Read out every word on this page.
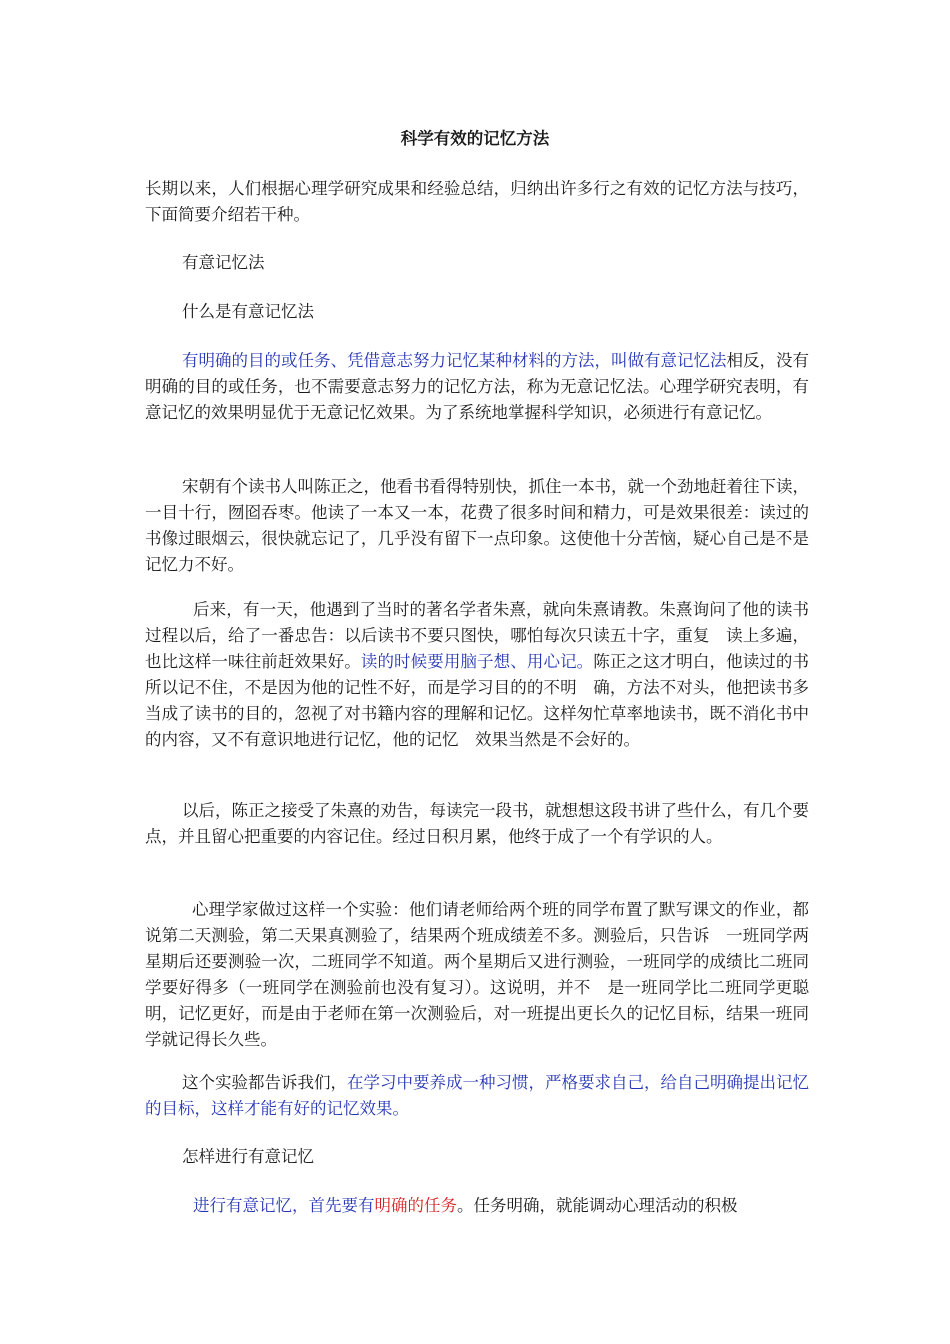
科学有效的记忆方法
长期以来，人们根据心理学研究成果和经验总结，归纳出许多行之有效的记忆方法与技巧，下面简要介绍若干种。
有意记忆法
什么是有意记忆法
有明确的目的或任务、凭借意志努力记忆某种材料的方法，叫做有意记忆法相反，没有明确的目的或任务，也不需要意志努力的记忆方法，称为无意记忆法。心理学研究表明，有意记忆的效果明显优于无意记忆效果。为了系统地掌握科学知识，必须进行有意记忆。
宋朝有个读书人叫陈正之，他看书看得特别快，抓住一本书，就一个劲地赶着往下读，一目十行，囫囵吞枣。他读了一本又一本，花费了很多时间和精力，可是效果很差：读过的书像过眼烟云，很快就忘记了，几乎没有留下一点印象。这使他十分苦恼，疑心自己是不是记忆力不好。
后来，有一天，他遇到了当时的著名学者朱熹，就向朱熹请教。朱熹询问了他的读书过程以后，给了一番忠告：以后读书不要只图快，哪怕每次只读五十字，重复　读上多遍，也比这样一味往前赶效果好。读的时候要用脑子想、用心记。陈正之这才明白，他读过的书所以记不住，不是因为他的记性不好，而是学习目的的不明　确，方法不对头，他把读书多当成了读书的目的，忽视了对书籍内容的理解和记忆。这样匆忙草率地读书，既不消化书中的内容，又不有意识地进行记忆，他的记忆　效果当然是不会好的。
以后，陈正之接受了朱熹的劝告，每读完一段书，就想想这段书讲了些什么，有几个要点，并且留心把重要的内容记住。经过日积月累，他终于成了一个有学识的人。
心理学家做过这样一个实验：他们请老师给两个班的同学布置了默写课文的作业，都说第二天测验，第二天果真测验了，结果两个班成绩差不多。测验后，只告诉　一班同学两星期后还要测验一次，二班同学不知道。两个星期后又进行测验，一班同学的成绩比二班同学要好得多（一班同学在测验前也没有复习）。这说明，并不　是一班同学比二班同学更聪明，记忆更好，而是由于老师在第一次测验后，对一班提出更长久的记忆目标，结果一班同学就记得长久些。
这个实验都告诉我们，在学习中要养成一种习惯，严格要求自己，给自己明确提出记忆的目标，这样才能有好的记忆效果。
怎样进行有意记忆
进行有意记忆，首先要有明确的任务。任务明确，就能调动心理活动的积极
